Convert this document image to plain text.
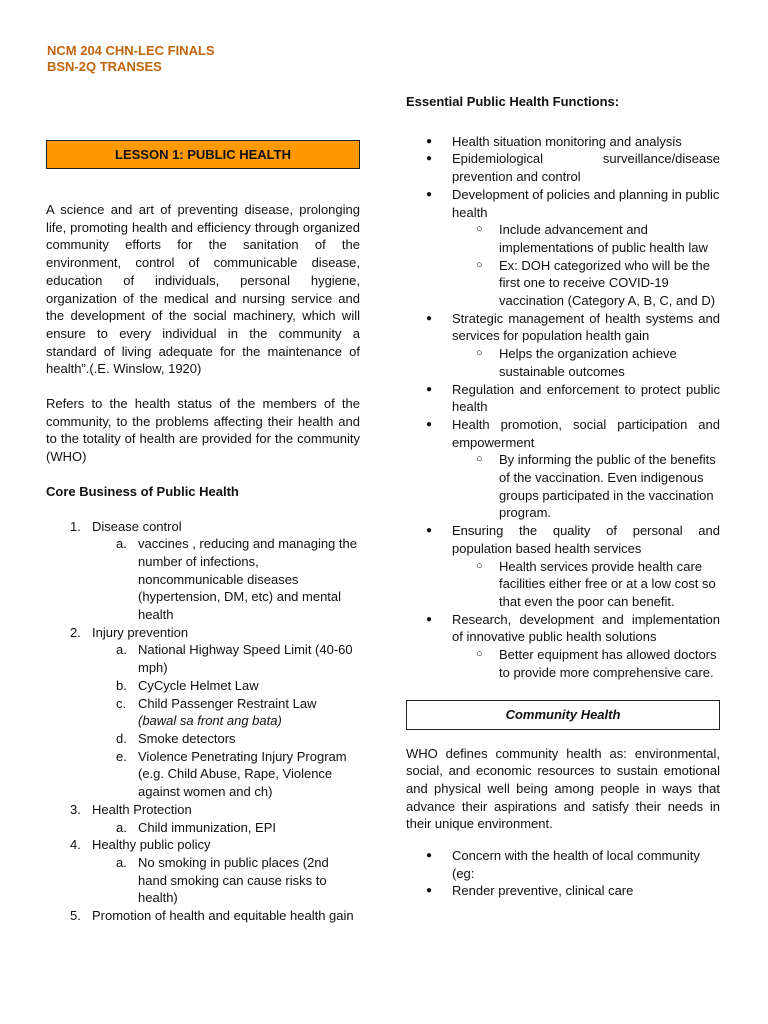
NCM 204 CHN-LEC FINALS
BSN-2Q TRANSES
LESSON 1: PUBLIC HEALTH

A science and art of preventing disease, prolonging life, promoting health and efficiency through organized community efforts for the sanitation of the environment, control of communicable disease, education of individuals, personal hygiene, organization of the medical and nursing service and the development of the social machinery, which will ensure to every individual in the community a standard of living adequate for the maintenance of health”.(.E. Winslow, 1920)

Refers to the health status of the members of the community, to the problems affecting their health and to the totality of health are provided for the community (WHO)

Core Business of Public Health

1. Disease control
a. vaccines , reducing and managing the number of infections, noncommunicable diseases (hypertension, DM, etc) and mental health
2. Injury prevention
a. National Highway Speed Limit (40-60 mph)
b. CyCycle Helmet Law
c. Child Passenger Restraint Law
(bawal sa front ang bata)
d. Smoke detectors
e. Violence Penetrating Injury Program (e.g. Child Abuse, Rape, Violence against women and ch)
3. Health Protection
a. Child immunization, EPI
4. Healthy public policy
a. No smoking in public places (2nd hand smoking can cause risks to health)
5. Promotion of health and equitable health gain

Essential Public Health Functions:

● Health situation monitoring and analysis
● Epidemiological surveillance/disease prevention and control
● Development of policies and planning in public health
○ Include advancement and implementations of public health law
○ Ex: DOH categorized who will be the first one to receive COVID-19 vaccination (Category A, B, C, and D)
● Strategic management of health systems and services for population health gain
○ Helps the organization achieve sustainable outcomes
● Regulation and enforcement to protect public health
● Health promotion, social participation and empowerment
○ By informing the public of the benefits of the vaccination. Even indigenous groups participated in the vaccination program.
● Ensuring the quality of personal and population based health services
○ Health services provide health care facilities either free or at a low cost so that even the poor can benefit.
● Research, development and implementation of innovative public health solutions
○ Better equipment has allowed doctors to provide more comprehensive care.
Community Health

WHO defines community health as: environmental, social, and economic resources to sustain emotional and physical well being among people in ways that advance their aspirations and satisfy their needs in their unique environment.

● Concern with the health of local community (eg:
● Render preventive, clinical care
